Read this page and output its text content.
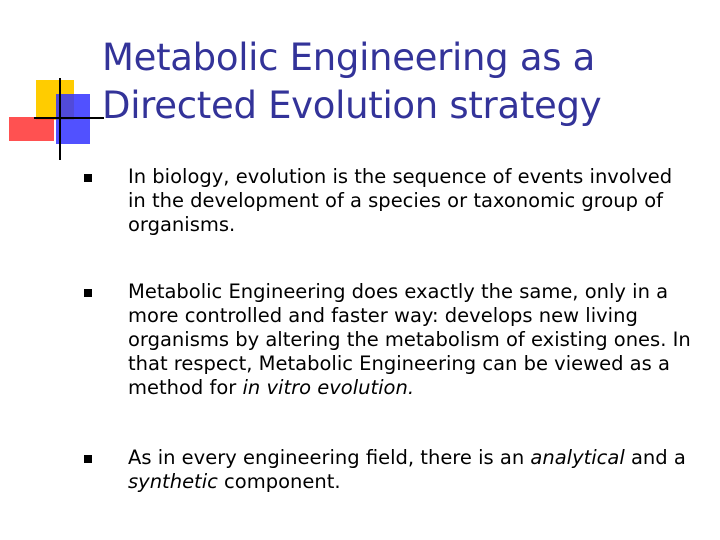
Metabolic Engineering as a
Directed Evolution strategy

In biology, evolution is the sequence of events involved in the development of a species or taxonomic group of organisms.

Metabolic Engineering does exactly the same, only in a more controlled and faster way: develops new living organisms by altering the metabolism of existing ones. In that respect, Metabolic Engineering can be viewed as a method for in vitro evolution.

As in every engineering field, there is an analytical and a synthetic component.
